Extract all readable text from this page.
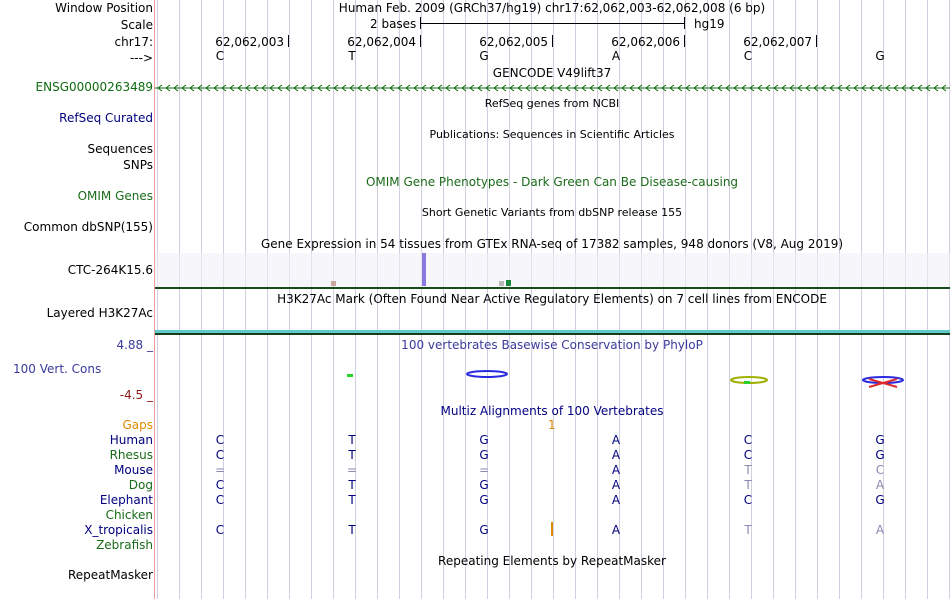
Window Position	Human Feb. 2009 (GRCh37/hg19) chr17:62,062,003-62,062,008 (6 bp)
Scale	2 bases	hg19
chr17:	62,062,003	62,062,004	62,062,005	62,062,006	62,062,007
--->	C	T	G	A	C	G
GENCODE V49lift37
ENSG00000263489
RefSeq genes from NCBI
RefSeq Curated
Publications: Sequences in Scientific Articles
Sequences
SNPs
OMIM Gene Phenotypes - Dark Green Can Be Disease-causing
OMIM Genes
Short Genetic Variants from dbSNP release 155
Common dbSNP(155)
Gene Expression in 54 tissues from GTEx RNA-seq of 17382 samples, 948 donors (V8, Aug 2019)
CTC-264K15.6
H3K27Ac Mark (Often Found Near Active Regulatory Elements) on 7 cell lines from ENCODE
Layered H3K27Ac
100 vertebrates Basewise Conservation by PhyloP
4.88 _
100 Vert. Cons
-4.5 _
Multiz Alignments of 100 Vertebrates
Gaps	1
Human	C	T	G	A	C	G
Rhesus	C	T	G	A	C	G
Mouse	=	=	=	A	T	C
Dog	C	T	G	A	T	A
Elephant	C	T	G	A	C	G
Chicken
X_tropicalis	C	T	G	A	T	A
Zebrafish
Repeating Elements by RepeatMasker
RepeatMasker
